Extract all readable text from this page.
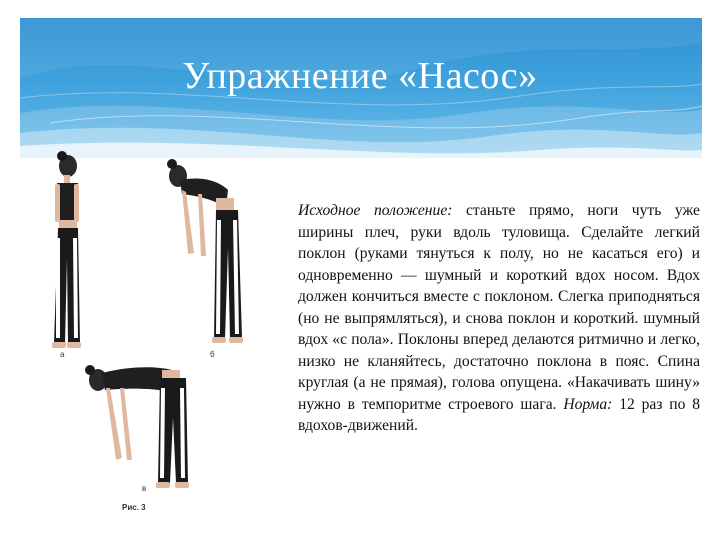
Упражнение «Насос»
а	б
в
Рис. 3
Исходное положение: станьте прямо, ноги чуть уже ширины плеч, руки вдоль туловища. Сделайте легкий поклон (руками тянуться к полу, но не касаться его) и одновременно — шумный и короткий вдох носом. Вдох должен кончиться вместе с поклоном. Слегка приподняться (но не выпрямляться), и снова поклон и короткий. шумный вдох «с пола». Поклоны вперед делаются ритмично и легко, низко не кланяйтесь, достаточно поклона в пояс. Спина круглая (а не прямая), голова опущена. «Накачивать шину» нужно в темпоритме строевого шага. Норма: 12 раз по 8 вдохов-движений.
